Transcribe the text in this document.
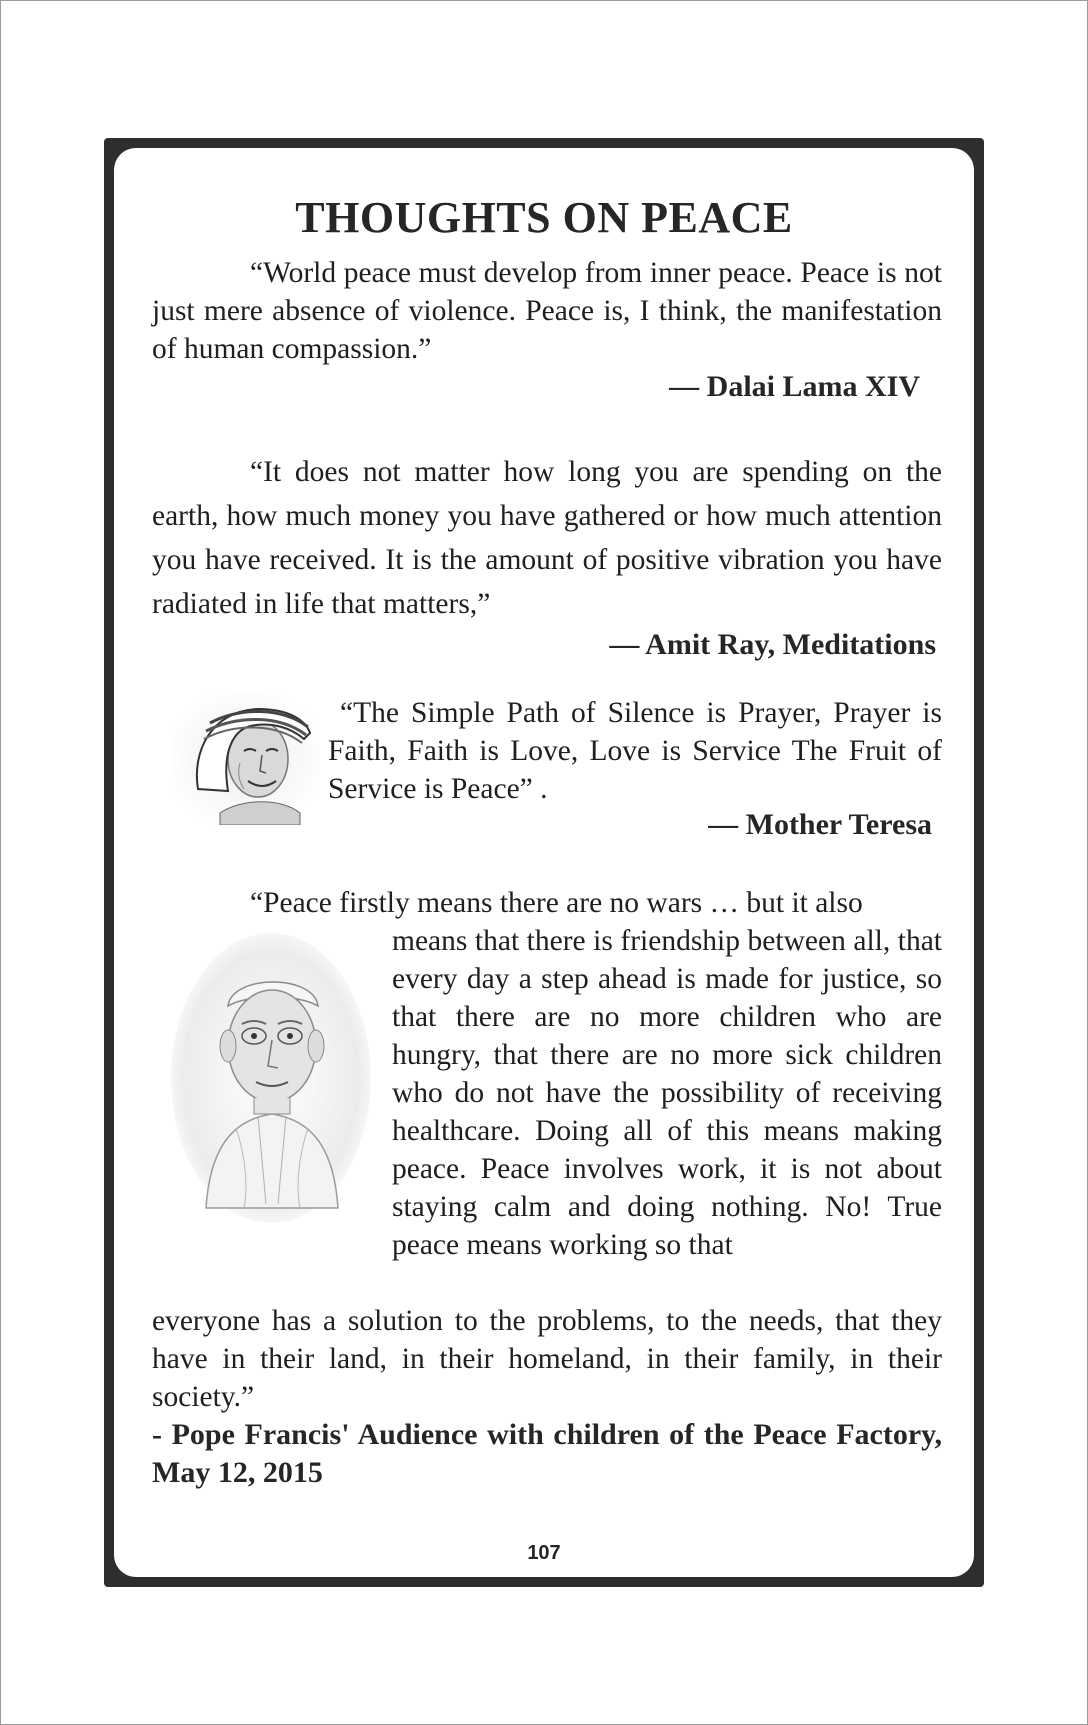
THOUGHTS ON PEACE

“World peace must develop from inner peace. Peace is not just mere absence of violence. Peace is, I think, the manifestation of human compassion.”

— Dalai Lama XIV

“It does not matter how long you are spending on the earth, how much money you have gathered or how much attention you have received. It is the amount of positive vibration you have radiated in life that matters,”

— Amit Ray, Meditations

“The Simple Path of Silence is Prayer, Prayer is Faith, Faith is Love, Love is Service The Fruit of Service is Peace” .

— Mother Teresa
“Peace firstly means there are no wars … but it also

means that there is friendship between all, that every day a step ahead is made for justice, so that there are no more children who are hungry, that there are no more sick children who do not have the possibility of receiving healthcare. Doing all of this means making peace. Peace involves work, it is not about staying calm and doing nothing. No! True peace means working so that

everyone has a solution to the problems, to the needs, that they have in their land, in their homeland, in their family, in their society.”

- Pope Francis' Audience with children of the Peace Factory, May 12, 2015

107
